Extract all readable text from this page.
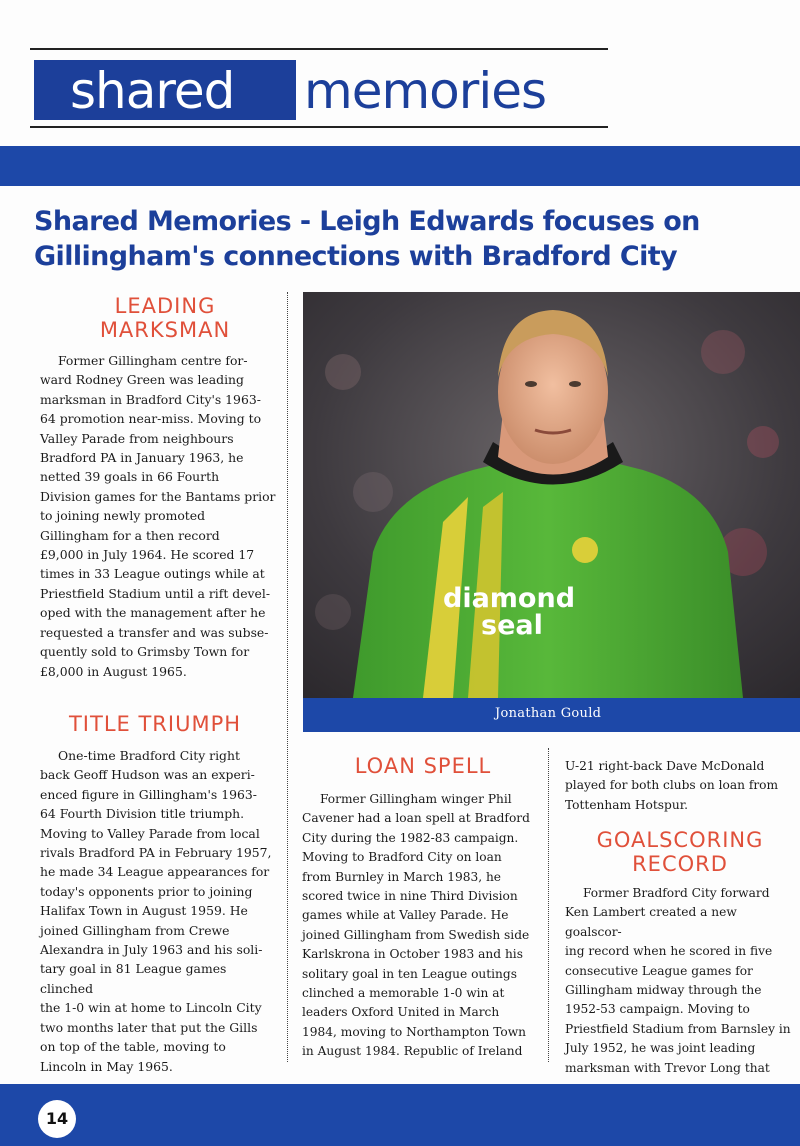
shared	memories
Shared Memories - Leigh Edwards focuses on Gillingham's connections with Bradford City
LEADING
MARKSMAN
Former Gillingham centre for-
ward Rodney Green was leading
marksman in Bradford City's 1963-
64 promotion near-miss. Moving to
Valley Parade from neighbours
Bradford PA in January 1963, he
netted 39 goals in 66 Fourth
Division games for the Bantams prior
to joining newly promoted
Gillingham for a then record
£9,000 in July 1964. He scored 17
times in 33 League outings while at
Priestfield Stadium until a rift devel-
oped with the management after he
requested a transfer and was subse-
quently sold to Grimsby Town for
£8,000 in August 1965.
TITLE TRIUMPH
One-time Bradford City right
back Geoff Hudson was an experi-
enced figure in Gillingham's 1963-
64 Fourth Division title triumph.
Moving to Valley Parade from local
rivals Bradford PA in February 1957,
he made 34 League appearances for
today's opponents prior to joining
Halifax Town in August 1959. He
joined Gillingham from Crewe
Alexandra in July 1963 and his soli-
tary goal in 81 League games clinched
the 1-0 win at home to Lincoln City
two months later that put the Gills
on top of the table, moving to
Lincoln in May 1965.
diamond
seal
Jonathan Gould
LOAN SPELL
Former Gillingham winger Phil
Cavener had a loan spell at Bradford
City during the 1982-83 campaign.
Moving to Bradford City on loan
from Burnley in March 1983, he
scored twice in nine Third Division
games while at Valley Parade. He
joined Gillingham from Swedish side
Karlskrona in October 1983 and his
solitary goal in ten League outings
clinched a memorable 1-0 win at
leaders Oxford United in March
1984, moving to Northampton Town
in August 1984. Republic of Ireland
U-21 right-back Dave McDonald
played for both clubs on loan from
Tottenham Hotspur.
GOALSCORING
RECORD
Former Bradford City forward
Ken Lambert created a new goalscor-
ing record when he scored in five
consecutive League games for
Gillingham midway through the
1952-53 campaign. Moving to
Priestfield Stadium from Barnsley in
July 1952, he was joint leading
marksman with Trevor Long that
14
